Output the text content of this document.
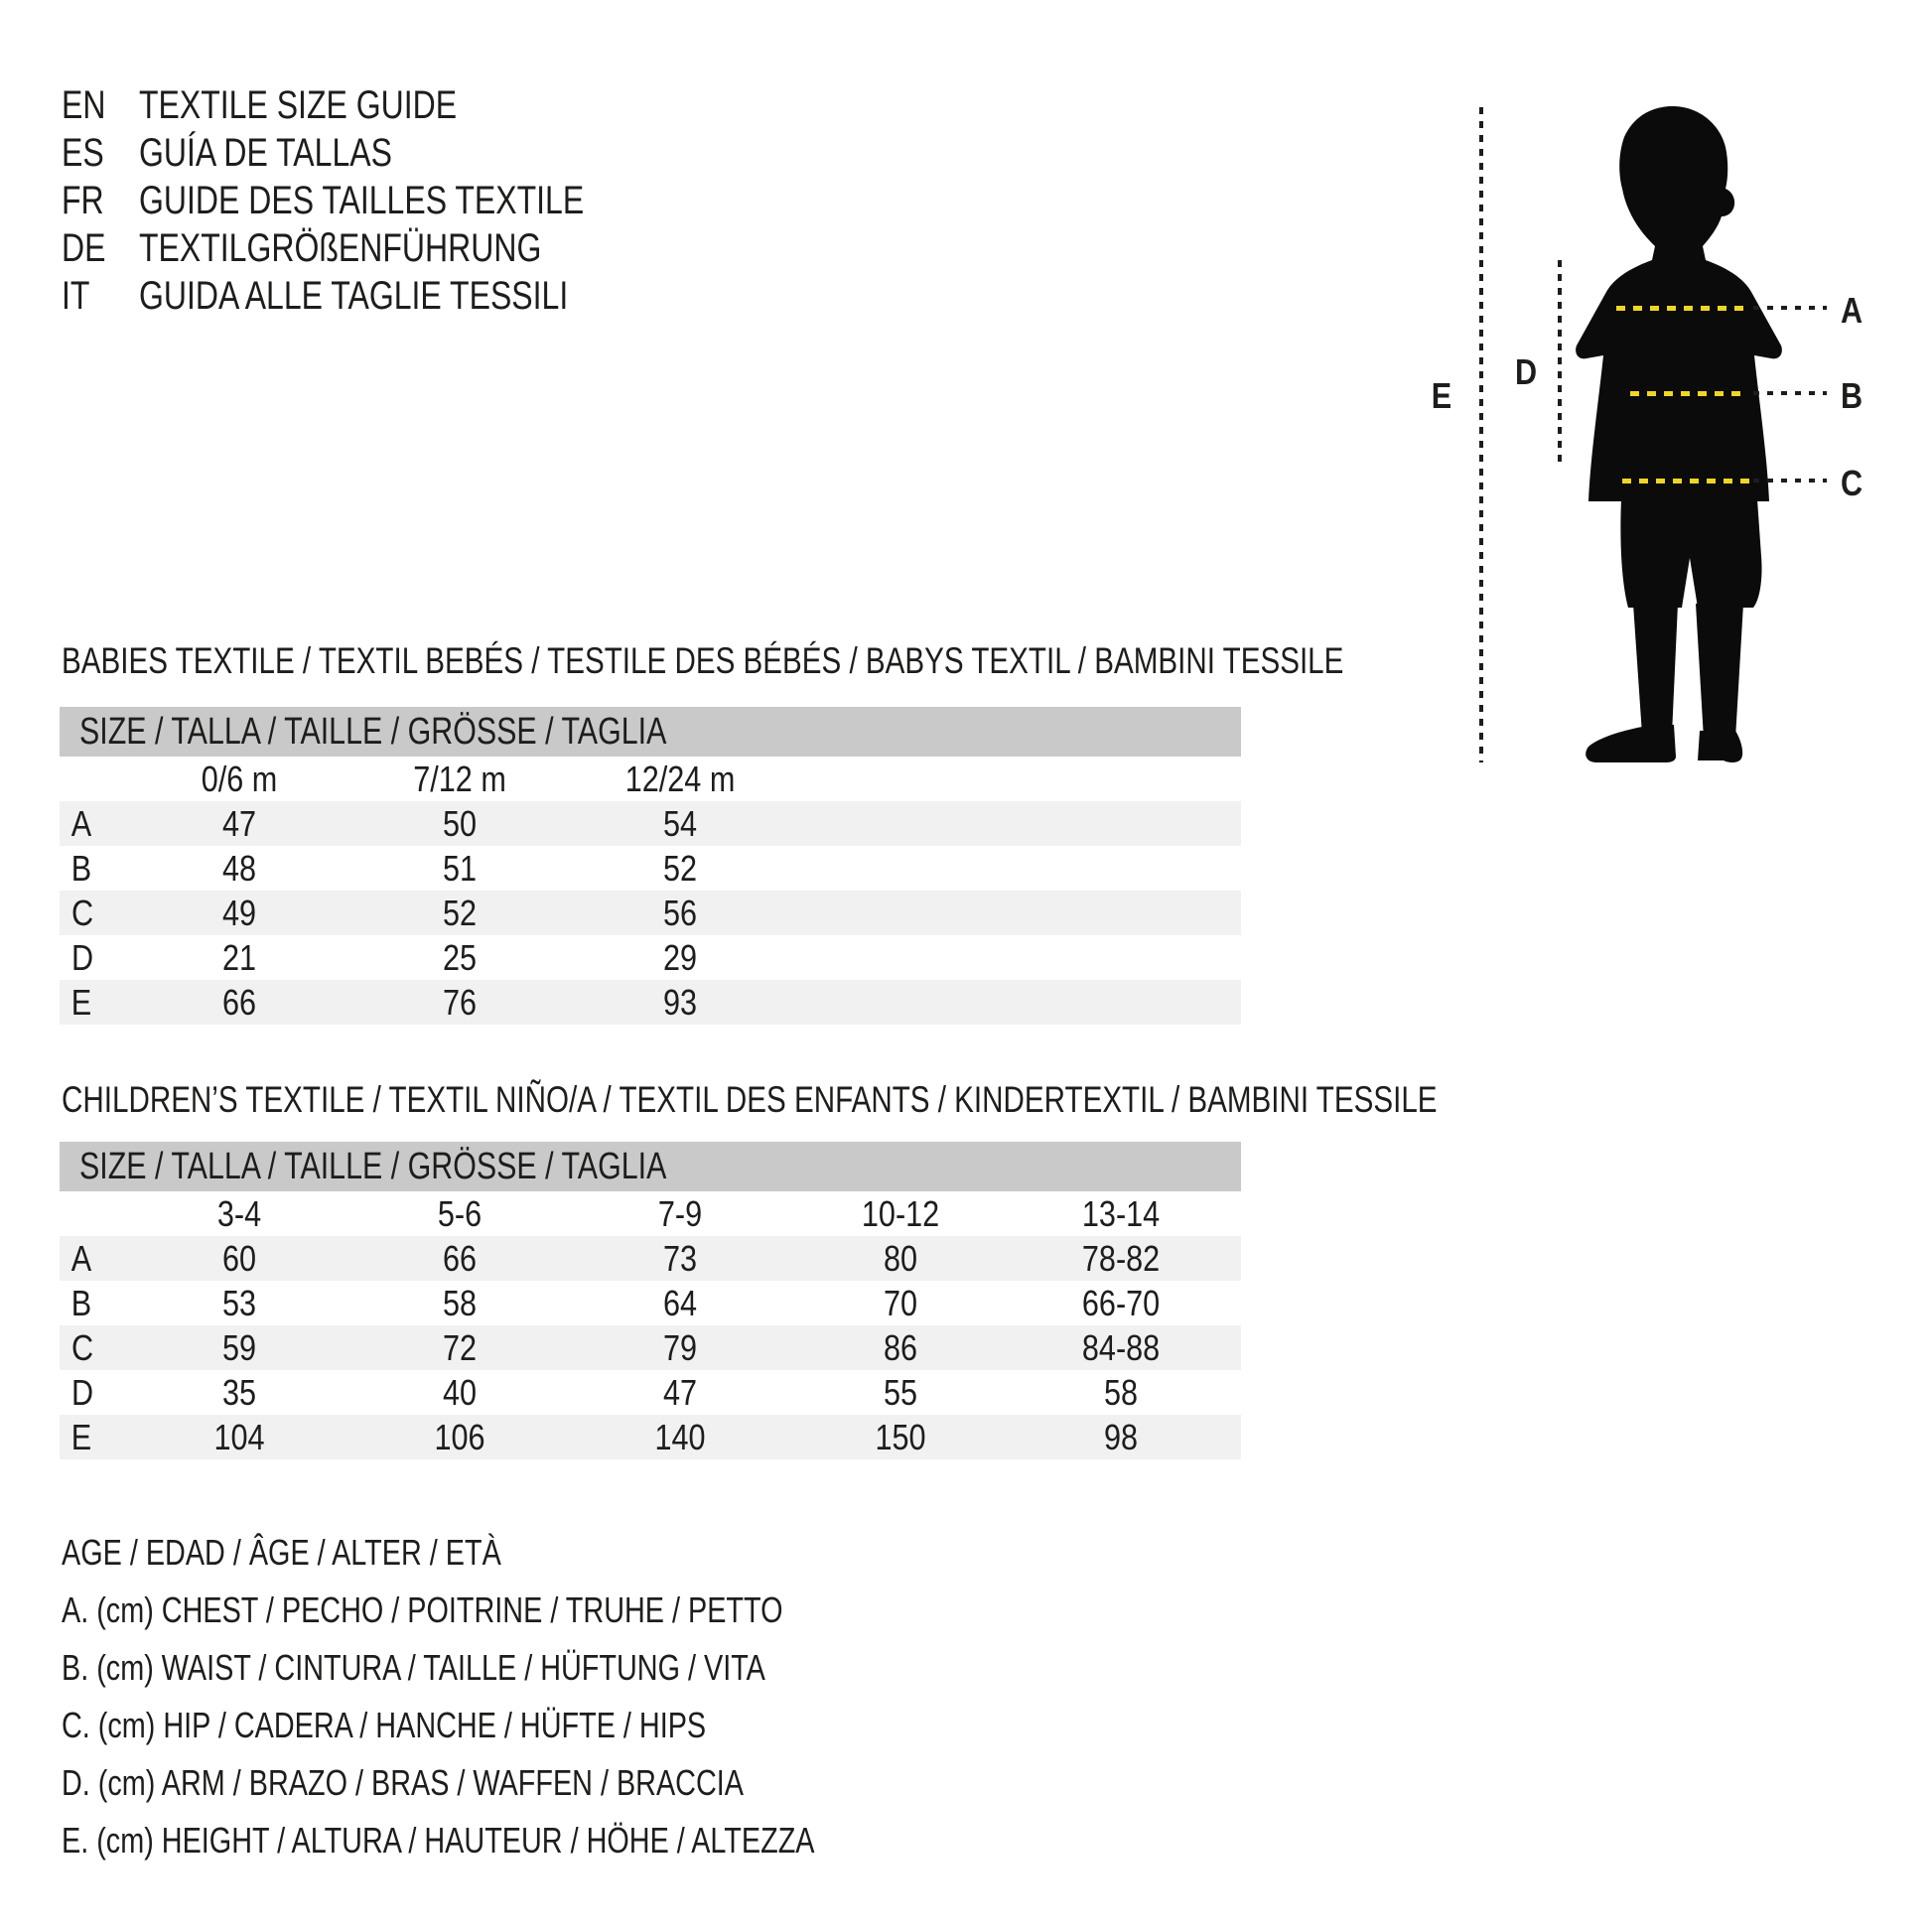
EN TEXTILE SIZE GUIDE
ES GUÍA DE TALLAS
FR GUIDE DES TAILLES TEXTILE
DE TEXTILGRÖßENFÜHRUNG
IT	GUIDA ALLE TAGLIE TESSILI
E
D
A
B
C
BABIES TEXTILE / TEXTIL BEBÉS / TESTILE DES BÉBÉS / BABYS TEXTIL / BAMBINI TESSILE
SIZE / TALLA / TAILLE / GRÖSSE / TAGLIA
0/6 m	7/12 m	12/24 m
A	47	50	54
B	48	51	52
C	49	52	56
D	21	25	29
E	66	76	93
CHILDREN’S TEXTILE / TEXTIL NIÑO/A / TEXTIL DES ENFANTS / KINDERTEXTIL / BAMBINI TESSILE
SIZE / TALLA / TAILLE / GRÖSSE / TAGLIA
3-4	5-6	7-9	10-12	13-14
A	60	66	73	80	78-82
B	53	58	64	70	66-70
C	59	72	79	86	84-88
D	35	40	47	55	58
E	104	106	140	150	98
AGE / EDAD / ÂGE / ALTER / ETÀ
A. (cm) CHEST / PECHO / POITRINE / TRUHE / PETTO
B. (cm) WAIST / CINTURA / TAILLE / HÜFTUNG / VITA
C. (cm) HIP / CADERA / HANCHE / HÜFTE / HIPS
D. (cm) ARM / BRAZO / BRAS / WAFFEN / BRACCIA
E. (cm) HEIGHT / ALTURA / HAUTEUR / HÖHE / ALTEZZA
